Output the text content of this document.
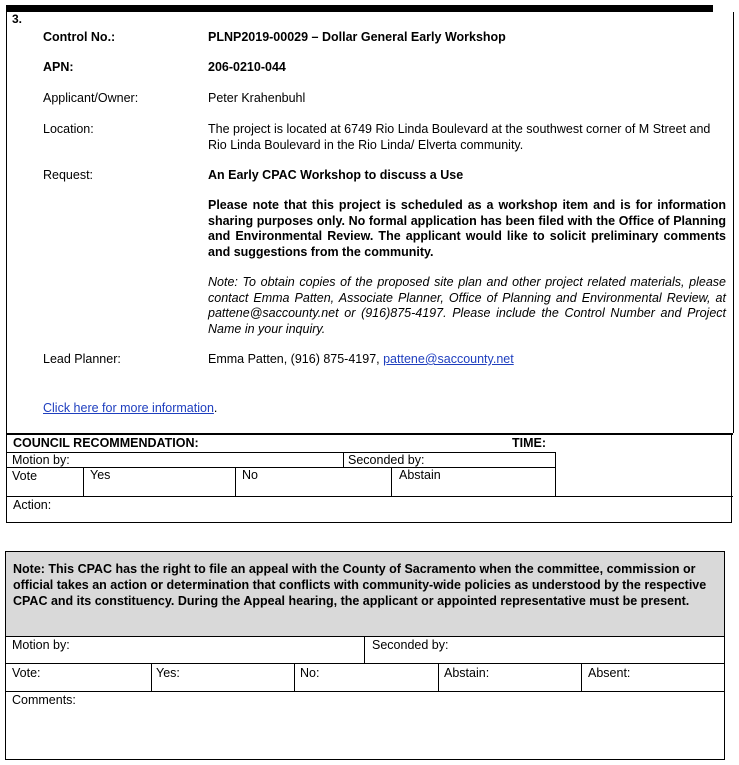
3.
Control No.:	PLNP2019-00029 – Dollar General Early Workshop
APN:	206-0210-044
Applicant/Owner:	Peter Krahenbuhl
Location:	The project is located at 6749 Rio Linda Boulevard at the southwest corner of M Street and Rio Linda Boulevard in the Rio Linda/ Elverta community.
Request:	An Early CPAC Workshop to discuss a Use
Please note that this project is scheduled as a workshop item and is for information sharing purposes only. No formal application has been filed with the Office of Planning and Environmental Review. The applicant would like to solicit preliminary comments and suggestions from the community.
Note: To obtain copies of the proposed site plan and other project related materials, please contact Emma Patten, Associate Planner, Office of Planning and Environmental Review, at pattene@saccounty.net or (916)875-4197. Please include the Control Number and Project Name in your inquiry.
Lead Planner:	Emma Patten, (916) 875-4197, pattene@saccounty.net
Click here for more information.
COUNCIL RECOMMENDATION:	TIME:
Motion by:	Seconded by:
Vote	Yes	No	Abstain
Action:
Note: This CPAC has the right to file an appeal with the County of Sacramento when the committee, commission or official takes an action or determination that conflicts with community-wide policies as understood by the respective CPAC and its constituency. During the Appeal hearing, the applicant or appointed representative must be present.
Motion by:	Seconded by:
Vote:	Yes:	No:	Abstain:	Absent:
Comments:
